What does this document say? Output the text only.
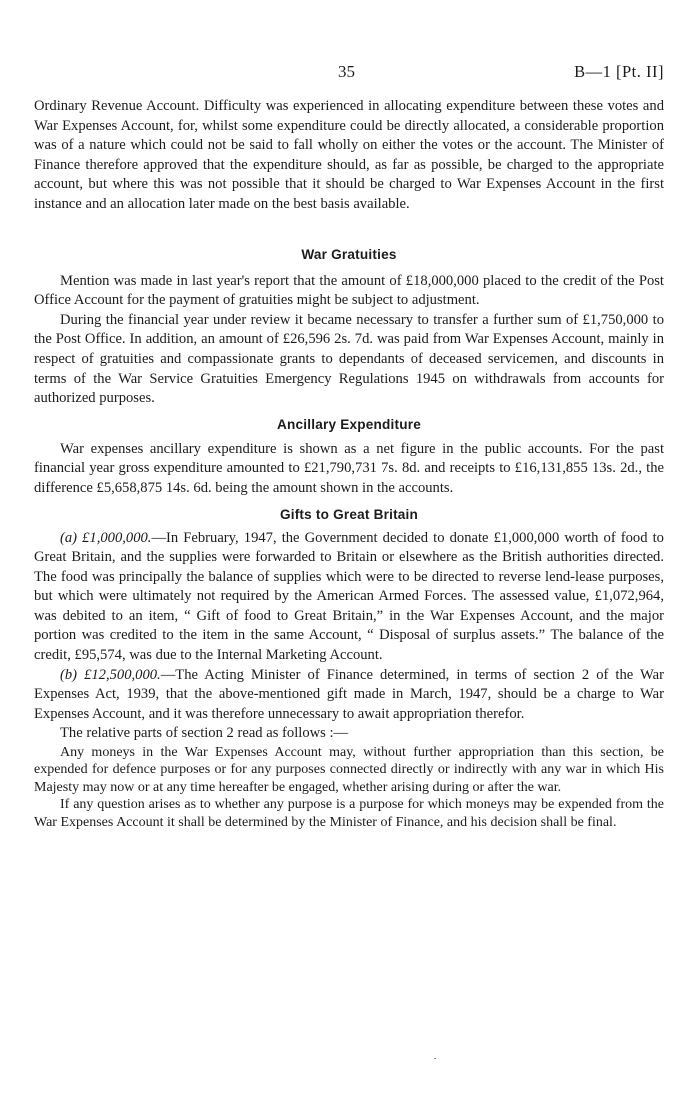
35	B—1 [Pt. II]

Ordinary Revenue Account. Difficulty was experienced in allocating expenditure between these votes and War Expenses Account, for, whilst some expenditure could be directly allocated, a considerable proportion was of a nature which could not be said to fall wholly on either the votes or the account. The Minister of Finance therefore approved that the expenditure should, as far as possible, be charged to the appropriate account, but where this was not possible that it should be charged to War Expenses Account in the first instance and an allocation later made on the best basis available.

War Gratuities

Mention was made in last year's report that the amount of £18,000,000 placed to the credit of the Post Office Account for the payment of gratuities might be subject to adjustment.

During the financial year under review it became necessary to transfer a further sum of £1,750,000 to the Post Office. In addition, an amount of £26,596 2s. 7d. was paid from War Expenses Account, mainly in respect of gratuities and compassionate grants to dependants of deceased servicemen, and discounts in terms of the War Service Gratuities Emergency Regulations 1945 on withdrawals from accounts for authorized purposes.

Ancillary Expenditure

War expenses ancillary expenditure is shown as a net figure in the public accounts. For the past financial year gross expenditure amounted to £21,790,731 7s. 8d. and receipts to £16,131,855 13s. 2d., the difference £5,658,875 14s. 6d. being the amount shown in the accounts.

Gifts to Great Britain

(a) £1,000,000.—In February, 1947, the Government decided to donate £1,000,000 worth of food to Great Britain, and the supplies were forwarded to Britain or elsewhere as the British authorities directed. The food was principally the balance of supplies which were to be directed to reverse lend-lease purposes, but which were ultimately not required by the American Armed Forces. The assessed value, £1,072,964, was debited to an item, “ Gift of food to Great Britain,” in the War Expenses Account, and the major portion was credited to the item in the same Account, “ Disposal of surplus assets.” The balance of the credit, £95,574, was due to the Internal Marketing Account.

(b) £12,500,000.—The Acting Minister of Finance determined, in terms of section 2 of the War Expenses Act, 1939, that the above-mentioned gift made in March, 1947, should be a charge to War Expenses Account, and it was therefore unnecessary to await appropriation therefor.

The relative parts of section 2 read as follows :—

Any moneys in the War Expenses Account may, without further appropriation than this section, be expended for defence purposes or for any purposes connected directly or indirectly with any war in which His Majesty may now or at any time hereafter be engaged, whether arising during or after the war.

If any question arises as to whether any purpose is a purpose for which moneys may be expended from the War Expenses Account it shall be determined by the Minister of Finance, and his decision shall be final.
